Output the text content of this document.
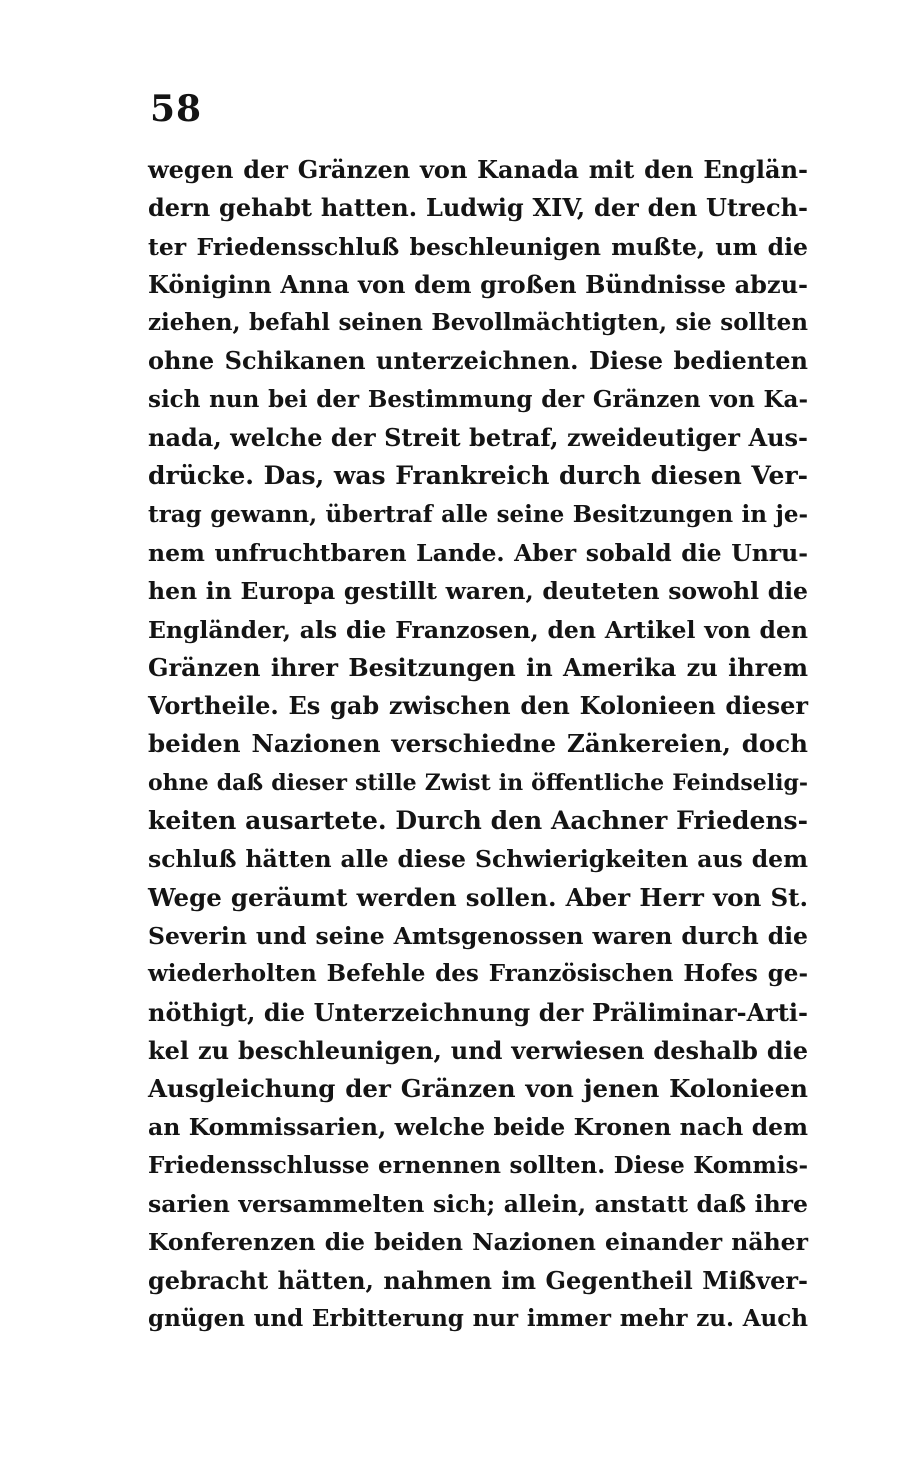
58
wegen der Gränzen von Kanada mit den Englän-
dern gehabt hatten. Ludwig XIV, der den Utrech-
ter Friedensschluß beschleunigen mußte, um die
Königinn Anna von dem großen Bündnisse abzu-
ziehen, befahl seinen Bevollmächtigten, sie sollten
ohne Schikanen unterzeichnen. Diese bedienten
sich nun bei der Bestimmung der Gränzen von Ka-
nada, welche der Streit betraf, zweideutiger Aus-
drücke. Das, was Frankreich durch diesen Ver-
trag gewann, übertraf alle seine Besitzungen in je-
nem unfruchtbaren Lande. Aber sobald die Unru-
hen in Europa gestillt waren, deuteten sowohl die
Engländer, als die Franzosen, den Artikel von den
Gränzen ihrer Besitzungen in Amerika zu ihrem
Vortheile. Es gab zwischen den Kolonieen dieser
beiden Nazionen verschiedne Zänkereien, doch
ohne daß dieser stille Zwist in öffentliche Feindselig-
keiten ausartete. Durch den Aachner Friedens-
schluß hätten alle diese Schwierigkeiten aus dem
Wege geräumt werden sollen. Aber Herr von St.
Severin und seine Amtsgenossen waren durch die
wiederholten Befehle des Französischen Hofes ge-
nöthigt, die Unterzeichnung der Präliminar-Arti-
kel zu beschleunigen, und verwiesen deshalb die
Ausgleichung der Gränzen von jenen Kolonieen
an Kommissarien, welche beide Kronen nach dem
Friedensschlusse ernennen sollten. Diese Kommis-
sarien versammelten sich; allein, anstatt daß ihre
Konferenzen die beiden Nazionen einander näher
gebracht hätten, nahmen im Gegentheil Mißver-
gnügen und Erbitterung nur immer mehr zu. Auch
